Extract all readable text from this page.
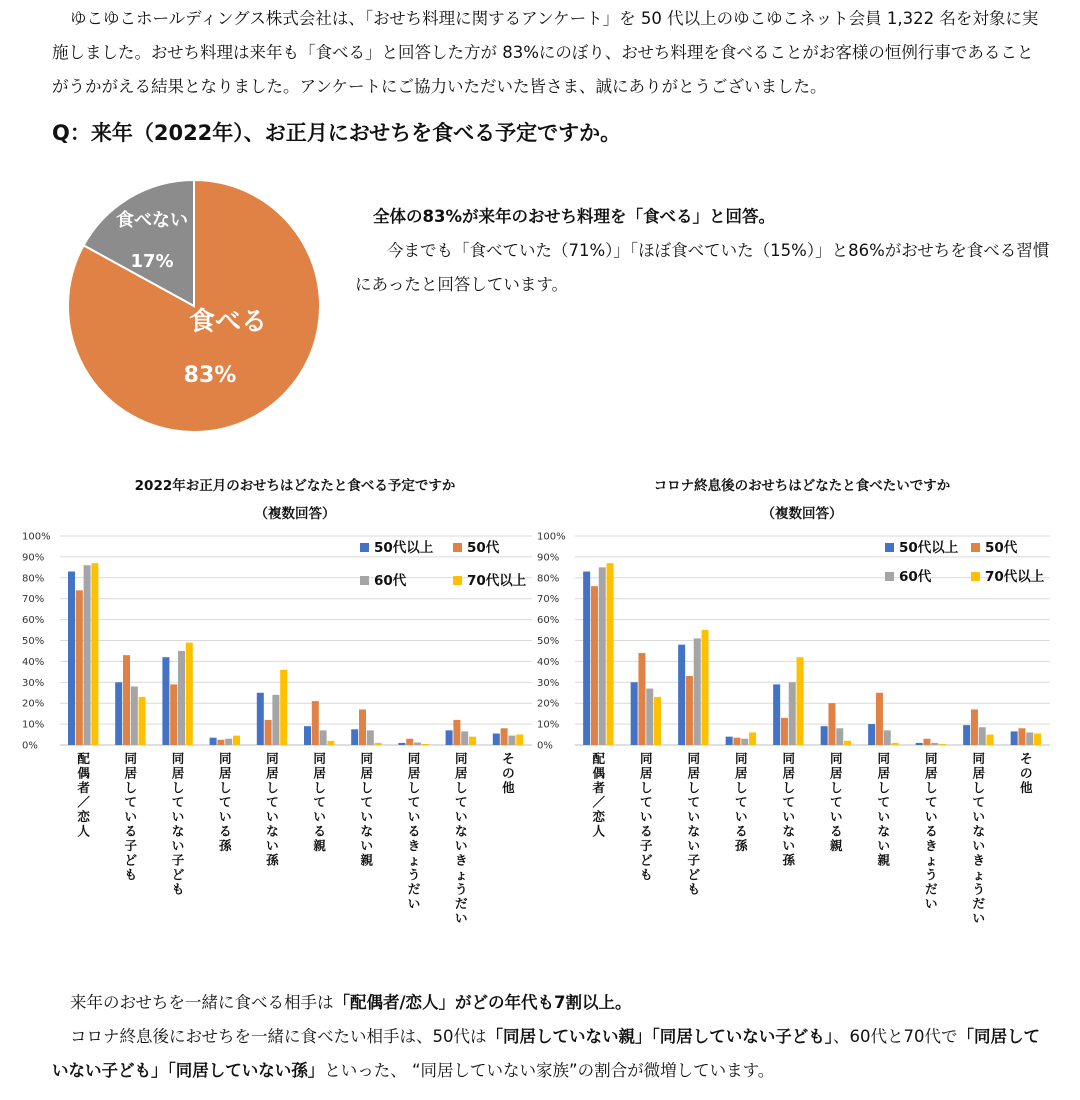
ゆこゆこホールディングス株式会社は、「おせち料理に関するアンケート」を 50 代以上のゆこゆこネット会員 1,322 名を対象に実施しました。おせち料理は来年も「食べる」と回答した方が 83%にのぼり、おせち料理を食べることがお客様の恒例行事であることがうかがえる結果となりました。アンケートにご協力いただいた皆さま、誠にありがとうございました。

Q：来年（2022年）、お正月におせちを食べる予定ですか。
食べる
83%
食べない
17%

全体の83%が来年のおせち料理を「食べる」と回答。
今までも「食べていた（71%）」「ほぼ食べていた（15%）」と86%がおせちを食べる習慣にあったと回答しています。

2022年お正月のおせちはどなたと食べる予定ですか
（複数回答）
0%
10%
20%
30%
40%
50%
60%
70%
80%
90%
100%
配偶者／恋人
同居している子ども
同居していない子ども
同居している孫
同居していない孫
同居している親
同居していない親
同居しているきょうだい
同居していないきょうだい
その他
50代以上 50代
60代	70代以上
コロナ終息後のおせちはどなたと食べたいですか
（複数回答）
0%
10%
20%
30%
40%
50%
60%
70%
80%
90%
100%
配偶者／恋人
同居している子ども
同居していない子ども
同居している孫
同居していない孫
同居している親
同居していない親
同居しているきょうだい
同居していないきょうだい
その他
50代以上 50代
60代	70代以上
来年のおせちを一緒に食べる相手は「配偶者/恋人」がどの年代も7割以上。
コロナ終息後におせちを一緒に食べたい相手は、50代は「同居していない親」「同居していない子ども」、60代と70代で「同居していない子ども」「同居していない孫」といった、 “同居していない家族”の割合が微増しています。
